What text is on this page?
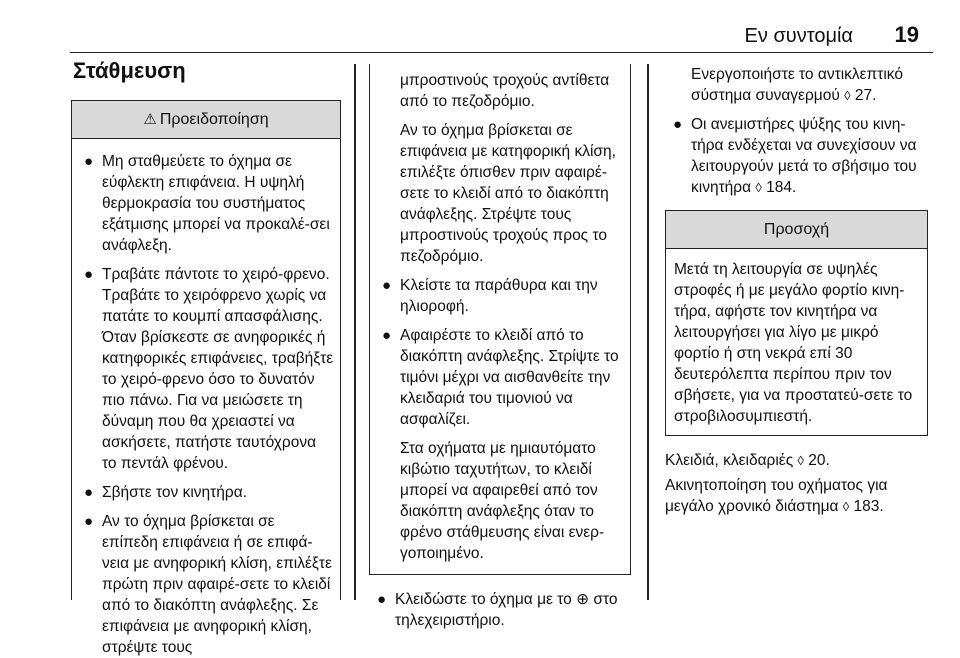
Εν συντομία 19
Στάθμευση
⚠ Προειδοποίηση
● Μη σταθμεύετε το όχημα σε εύφλεκτη επιφάνεια. Η υψηλή θερμοκρασία του συστήματος εξάτμισης μπορεί να προκαλέ-σει ανάφλεξη.
● Τραβάτε πάντοτε το χειρό-φρενο. Τραβάτε το χειρόφρενο χωρίς να πατάτε το κουμπί απασφάλισης. Όταν βρίσκεστε σε ανηφορικές ή κατηφορικές επιφάνειες, τραβήξτε το χειρό-φρενο όσο το δυνατόν πιο πάνω. Για να μειώσετε τη δύναμη που θα χρειαστεί να ασκήσετε, πατήστε ταυτόχρονα το πεντάλ φρένου.
● Σβήστε τον κινητήρα.
● Αν το όχημα βρίσκεται σε επίπεδη επιφάνεια ή σε επιφά-νεια με ανηφορική κλίση, επιλέξτε πρώτη πριν αφαιρέ-σετε το κλειδί από το διακόπτη ανάφλεξης. Σε επιφάνεια με ανηφορική κλίση, στρέψτε τους

μπροστινούς τροχούς αντίθετα από το πεζοδρόμιο.

Αν το όχημα βρίσκεται σε επιφάνεια με κατηφορική κλίση, επιλέξτε όπισθεν πριν αφαιρέ-σετε το κλειδί από το διακόπτη ανάφλεξης. Στρέψτε τους μπροστινούς τροχούς προς το πεζοδρόμιο.

● Κλείστε τα παράθυρα και την ηλιοροφή.
● Αφαιρέστε το κλειδί από το διακόπτη ανάφλεξης. Στρίψτε το τιμόνι μέχρι να αισθανθείτε την κλειδαριά του τιμονιού να ασφαλίζει.

Στα οχήματα με ημιαυτόματο κιβώτιο ταχυτήτων, το κλειδί μπορεί να αφαιρεθεί από τον διακόπτη ανάφλεξης όταν το φρένο στάθμευσης είναι ενερ-γοποιημένο.

● Κλειδώστε το όχημα με το ⊕ στο τηλεχειριστήριο.

Ενεργοποιήστε το αντικλεπτικό σύστημα συναγερμού ◊ 27.

● Οι ανεμιστήρες ψύξης του κινη-τήρα ενδέχεται να συνεχίσουν να λειτουργούν μετά το σβήσιμο του κινητήρα ◊ 184.
Προσοχή

Μετά τη λειτουργία σε υψηλές στροφές ή με μεγάλο φορτίο κινη-τήρα, αφήστε τον κινητήρα να λειτουργήσει για λίγο με μικρό φορτίο ή στη νεκρά επί 30 δευτερόλεπτα περίπου πριν τον σβήσετε, για να προστατεύ-σετε το στροβιλοσυμπιεστή.

Κλειδιά, κλειδαριές ◊ 20.

Ακινητοποίηση του οχήματος για μεγάλο χρονικό διάστημα ◊ 183.
